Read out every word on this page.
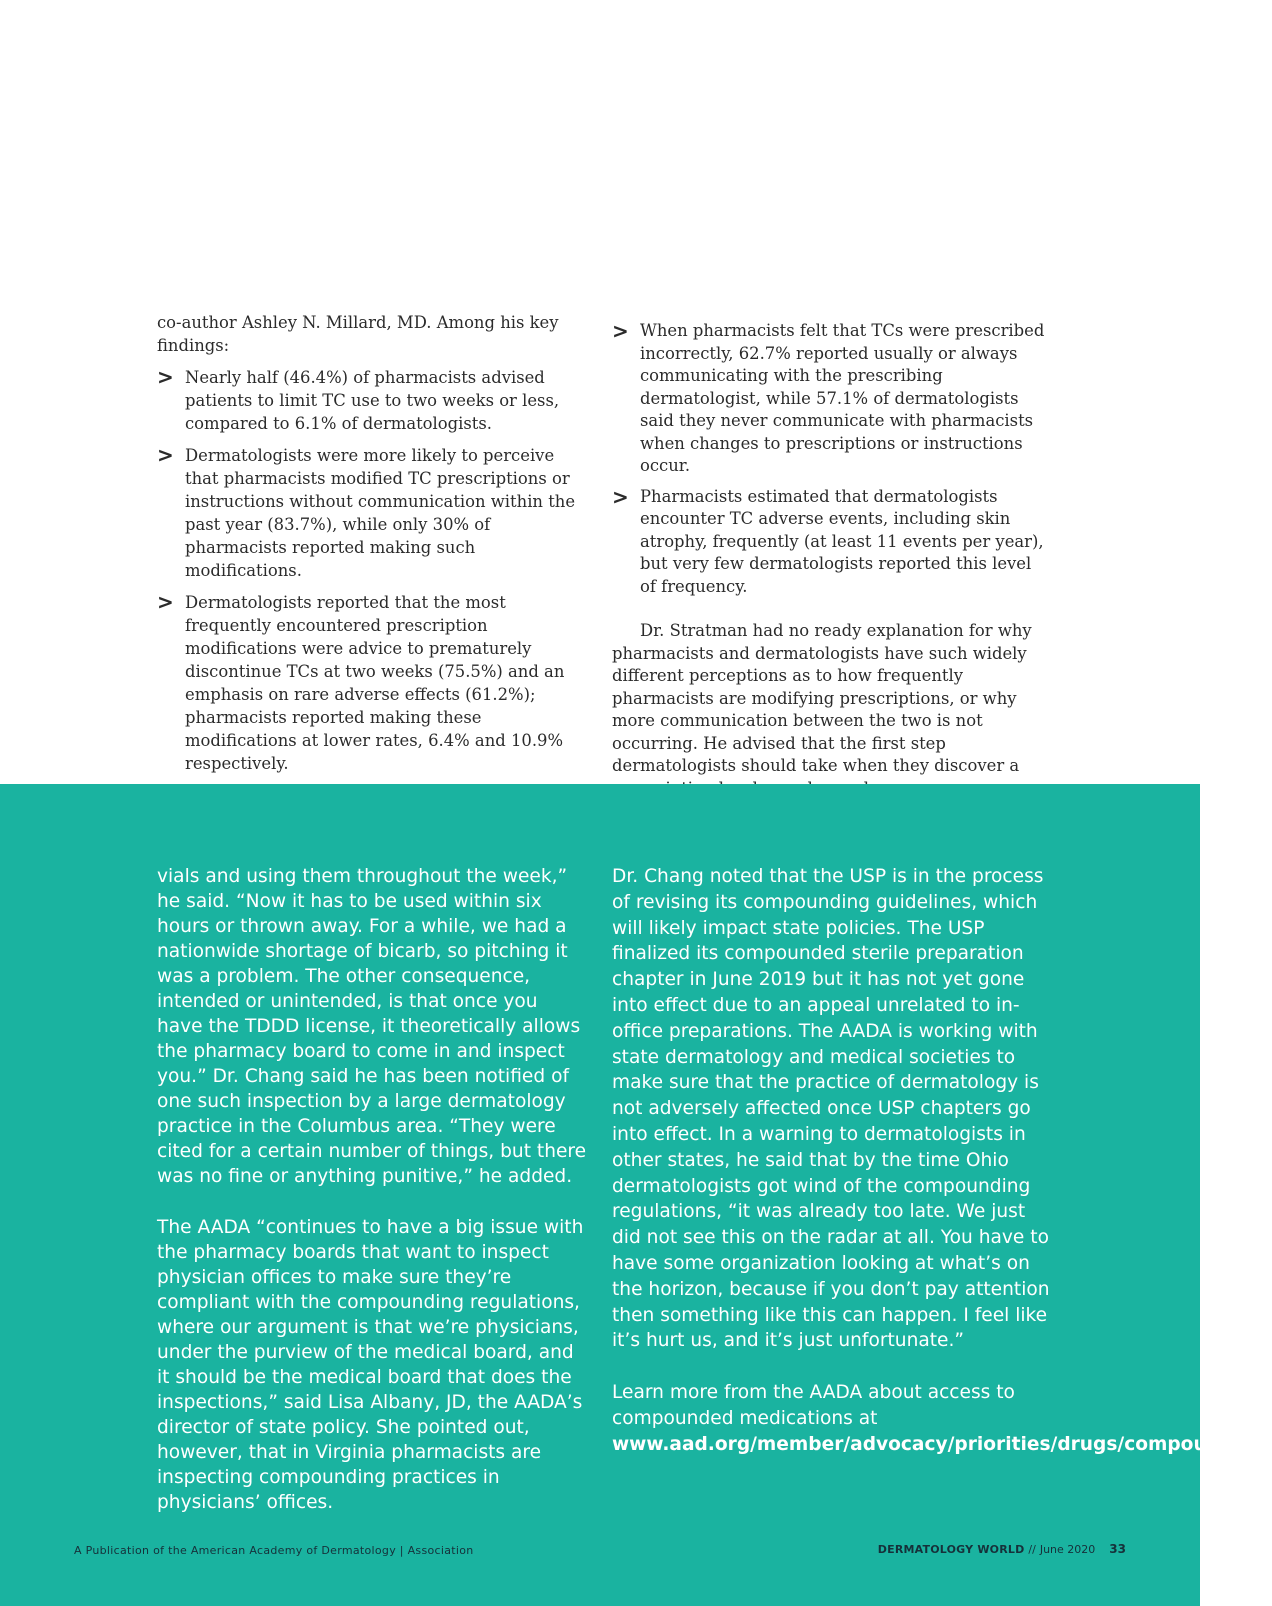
co-author Ashley N. Millard, MD. Among his key findings:

> Nearly half (46.4%) of pharmacists advised patients to limit TC use to two weeks or less, compared to 6.1% of dermatologists.
> Dermatologists were more likely to perceive that pharmacists modified TC prescriptions or instructions without communication within the past year (83.7%), while only 30% of pharmacists reported making such modifications.
> Dermatologists reported that the most frequently encountered prescription modifications were advice to prematurely discontinue TCs at two weeks (75.5%) and an emphasis on rare adverse effects (61.2%); pharmacists reported making these modifications at lower rates, 6.4% and 10.9% respectively.
> When pharmacists felt that TCs were prescribed incorrectly, 62.7% reported usually or always communicating with the prescribing dermatologist, while 57.1% of dermatologists said they never communicate with pharmacists when changes to prescriptions or instructions occur.
> Pharmacists estimated that dermatologists encounter TC adverse events, including skin atrophy, frequently (at least 11 events per year), but very few dermatologists reported this level of frequency.

Dr. Stratman had no ready explanation for why pharmacists and dermatologists have such widely different perceptions as to how frequently pharmacists are modifying prescriptions, or why more communication between the two is not occurring. He advised that the first step dermatologists should take when they discover a

vials and using them throughout the week,” he said. “Now it has to be used within six hours or thrown away. For a while, we had a nationwide shortage of bicarb, so pitching it was a problem. The other consequence, intended or unintended, is that once you have the TDDD license, it theoretically allows the pharmacy board to come in and inspect you.” Dr. Chang said he has been notified of one such inspection by a large dermatology practice in the Columbus area. “They were cited for a certain number of things, but there was no fine or anything punitive,” he added.

The AADA “continues to have a big issue with the pharmacy boards that want to inspect physician offices to make sure they’re compliant with the compounding regulations, where our argument is that we’re physicians, under the purview of the medical board, and it should be the medical board that does the inspections,” said Lisa Albany, JD, the AADA’s director of state policy. She pointed out, however, that in Virginia pharmacists are inspecting compounding practices in physicians’ offices.

Dr. Chang noted that the USP is in the process of revising its compounding guidelines, which will likely impact state policies. The USP finalized its compounded sterile preparation chapter in June 2019 but it has not yet gone into effect due to an appeal unrelated to in-office preparations. The AADA is working with state dermatology and medical societies to make sure that the practice of dermatology is not adversely affected once USP chapters go into effect. In a warning to dermatologists in other states, he said that by the time Ohio dermatologists got wind of the compounding regulations, “it was already too late. We just did not see this on the radar at all. You have to have some organization looking at what’s on the horizon, because if you don’t pay attention then something like this can happen. I feel like it’s hurt us, and it’s just unfortunate.”

Learn more from the AADA about access to compounded medications at www.aad.org/member/advocacy/priorities/drugs/compounding.

A Publication of the American Academy of Dermatology | Association	DERMATOLOGY WORLD // June 2020 33
